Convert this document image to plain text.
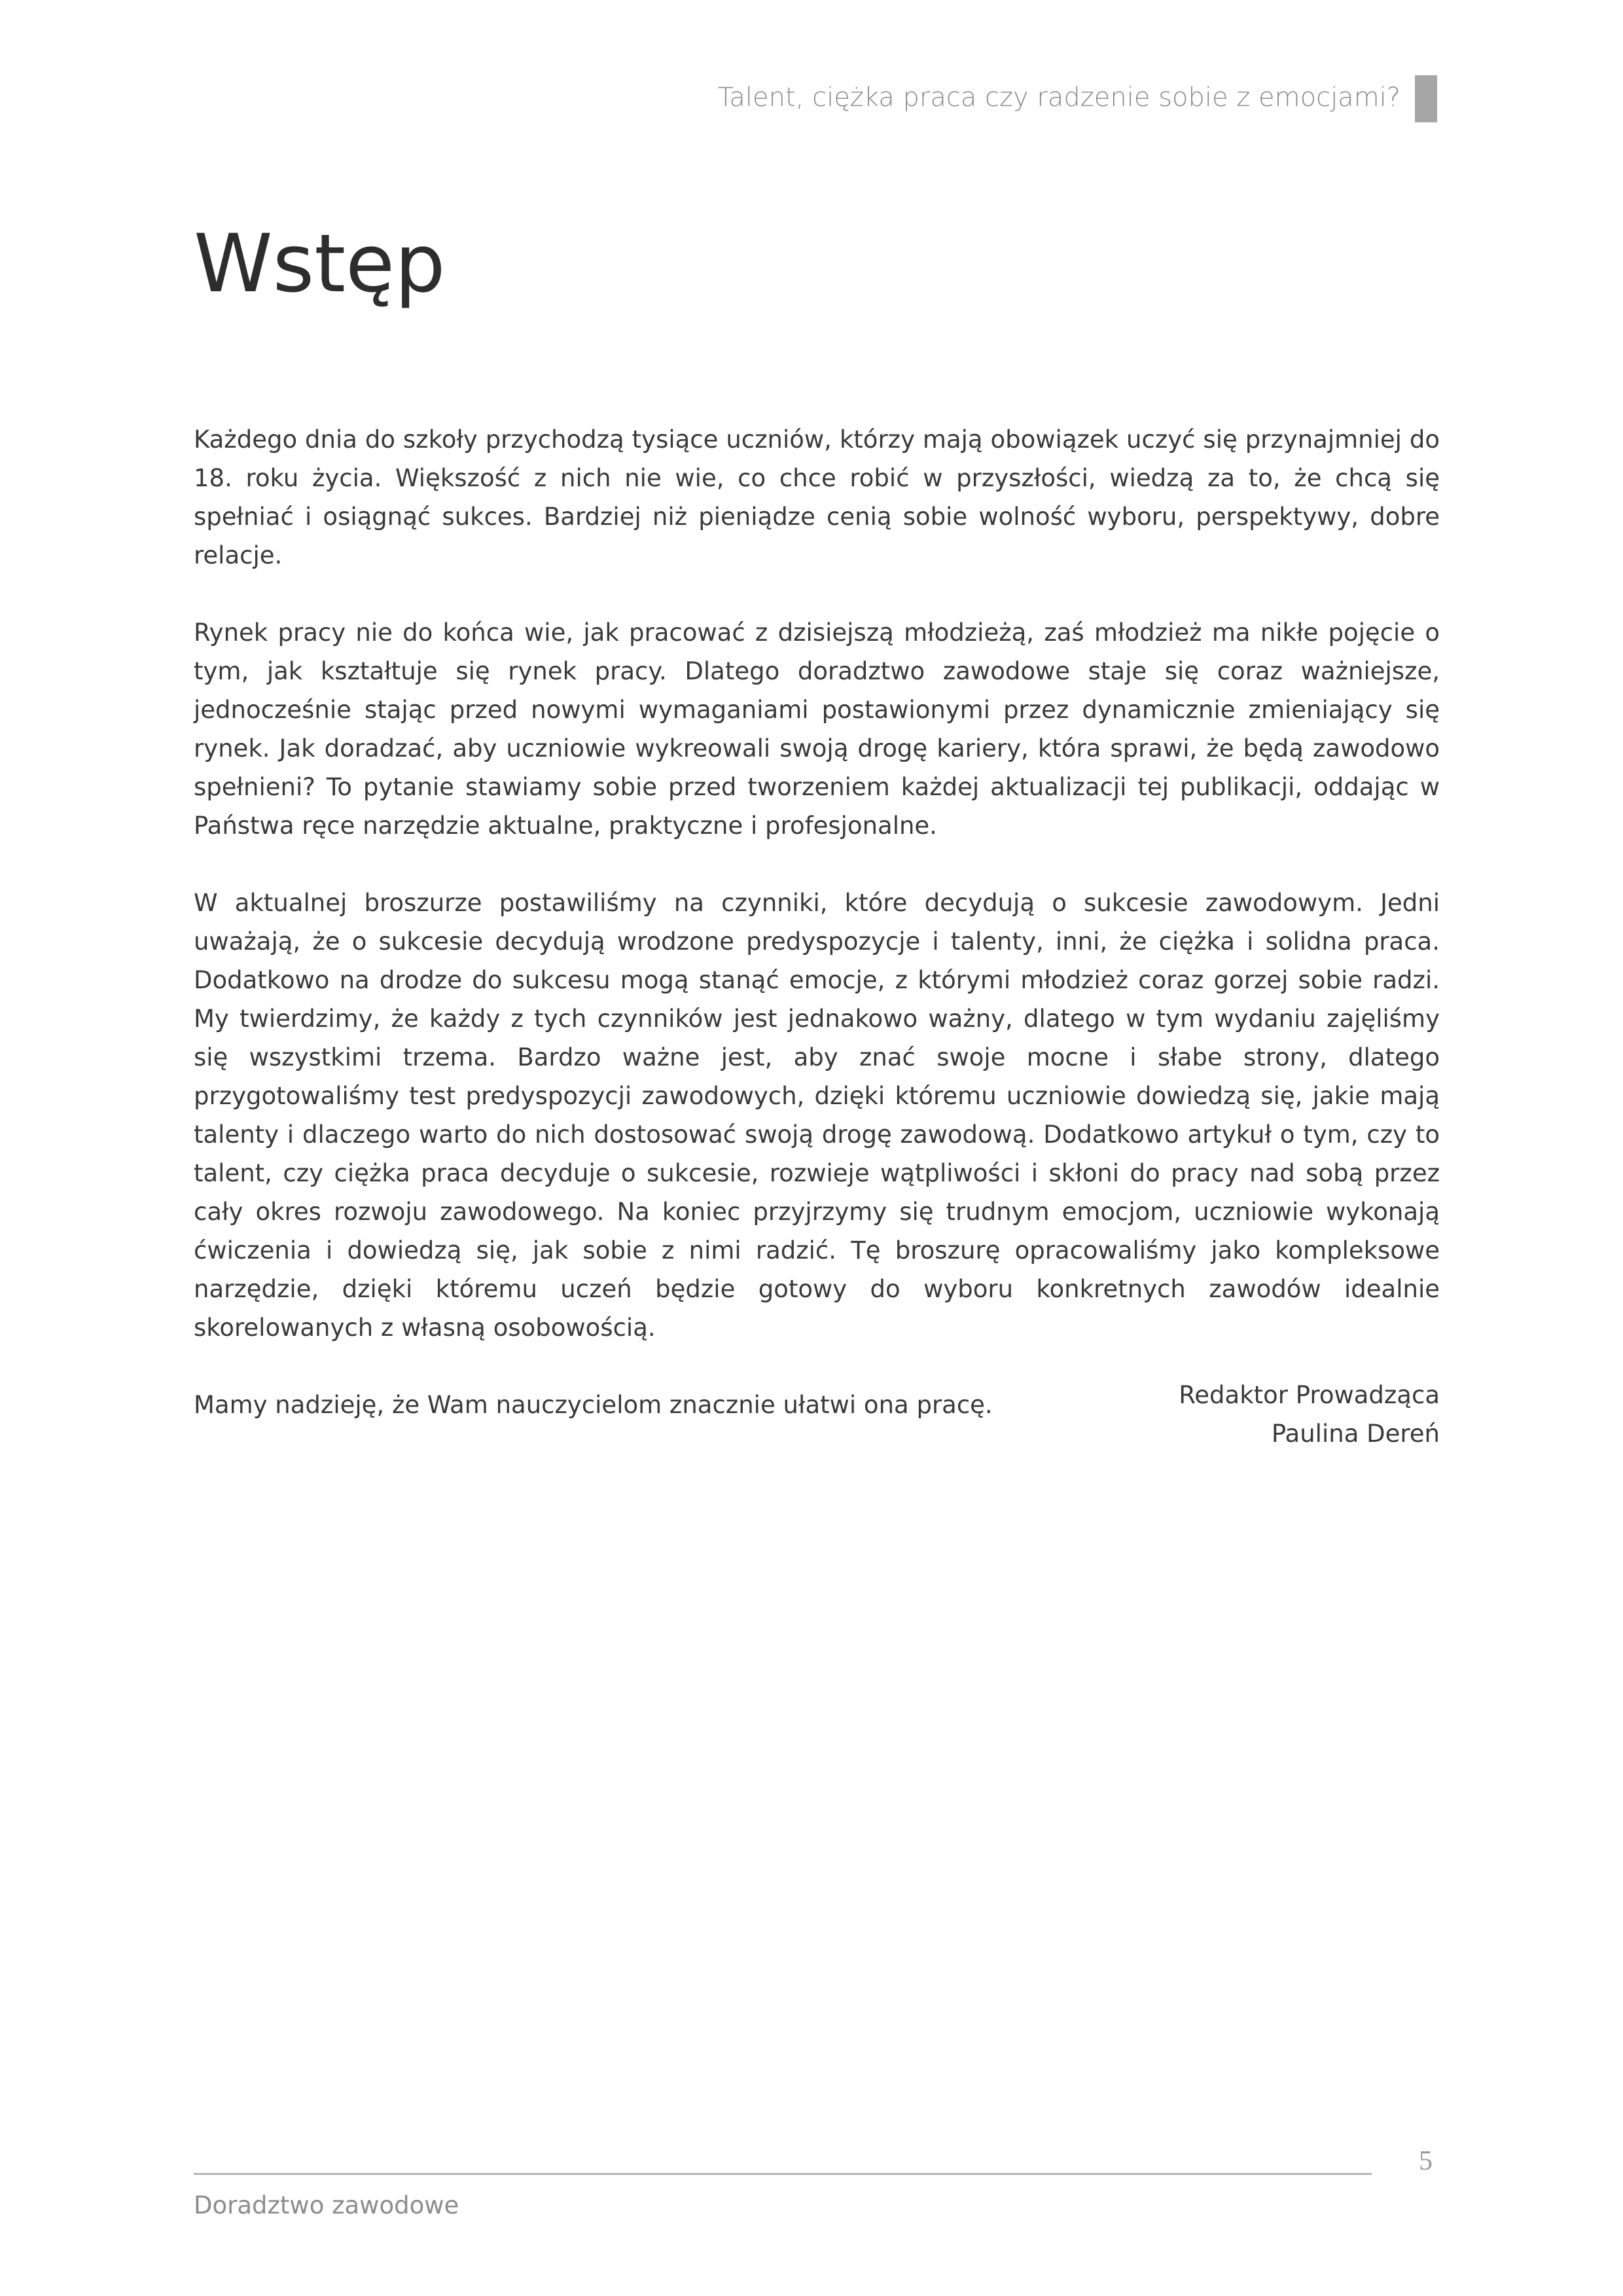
Talent, ciężka praca czy radzenie sobie z emocjami?
Wstęp

Każdego dnia do szkoły przychodzą tysiące uczniów, którzy mają obowiązek uczyć się przynajmniej do 18. roku życia. Większość z nich nie wie, co chce robić w przyszłości, wiedzą za to, że chcą się spełniać i osiągnąć sukces. Bardziej niż pieniądze cenią sobie wolność wyboru, perspektywy, dobre relacje.

Rynek pracy nie do końca wie, jak pracować z dzisiejszą młodzieżą, zaś młodzież ma nikłe pojęcie o tym, jak kształtuje się rynek pracy. Dlatego doradztwo zawodowe staje się coraz ważniejsze, jednocześnie stając przed nowymi wymaganiami postawionymi przez dynamicznie zmieniający się rynek. Jak doradzać, aby uczniowie wykreowali swoją drogę kariery, która sprawi, że będą zawodowo spełnieni? To pytanie stawiamy sobie przed tworzeniem każdej aktualizacji tej publikacji, oddając w Państwa ręce narzędzie aktualne, praktyczne i profesjonalne.

W aktualnej broszurze postawiliśmy na czynniki, które decydują o sukcesie zawodowym. Jedni uważają, że o sukcesie decydują wrodzone predyspozycje i talenty, inni, że ciężka i solidna praca. Dodatkowo na drodze do sukcesu mogą stanąć emocje, z którymi młodzież coraz gorzej sobie radzi. My twierdzimy, że każdy z tych czynników jest jednakowo ważny, dlatego w tym wydaniu zajęliśmy się wszystkimi trzema. Bardzo ważne jest, aby znać swoje mocne i słabe strony, dlatego przygotowaliśmy test predyspozycji zawodowych, dzięki któremu uczniowie dowiedzą się, jakie mają talenty i dlaczego warto do nich dostosować swoją drogę zawodową. Dodatkowo artykuł o tym, czy to talent, czy ciężka praca decyduje o sukcesie, rozwieje wątpliwości i skłoni do pracy nad sobą przez cały okres rozwoju zawodowego. Na koniec przyjrzymy się trudnym emocjom, uczniowie wykonają ćwiczenia i dowiedzą się, jak sobie z nimi radzić. Tę broszurę opracowaliśmy jako kompleksowe narzędzie, dzięki któremu uczeń będzie gotowy do wyboru konkretnych zawodów idealnie skorelowanych z własną osobowością.

Mamy nadzieję, że Wam nauczycielom znacznie ułatwi ona pracę.	Redaktor Prowadząca
Paulina Dereń
5
Doradztwo zawodowe
